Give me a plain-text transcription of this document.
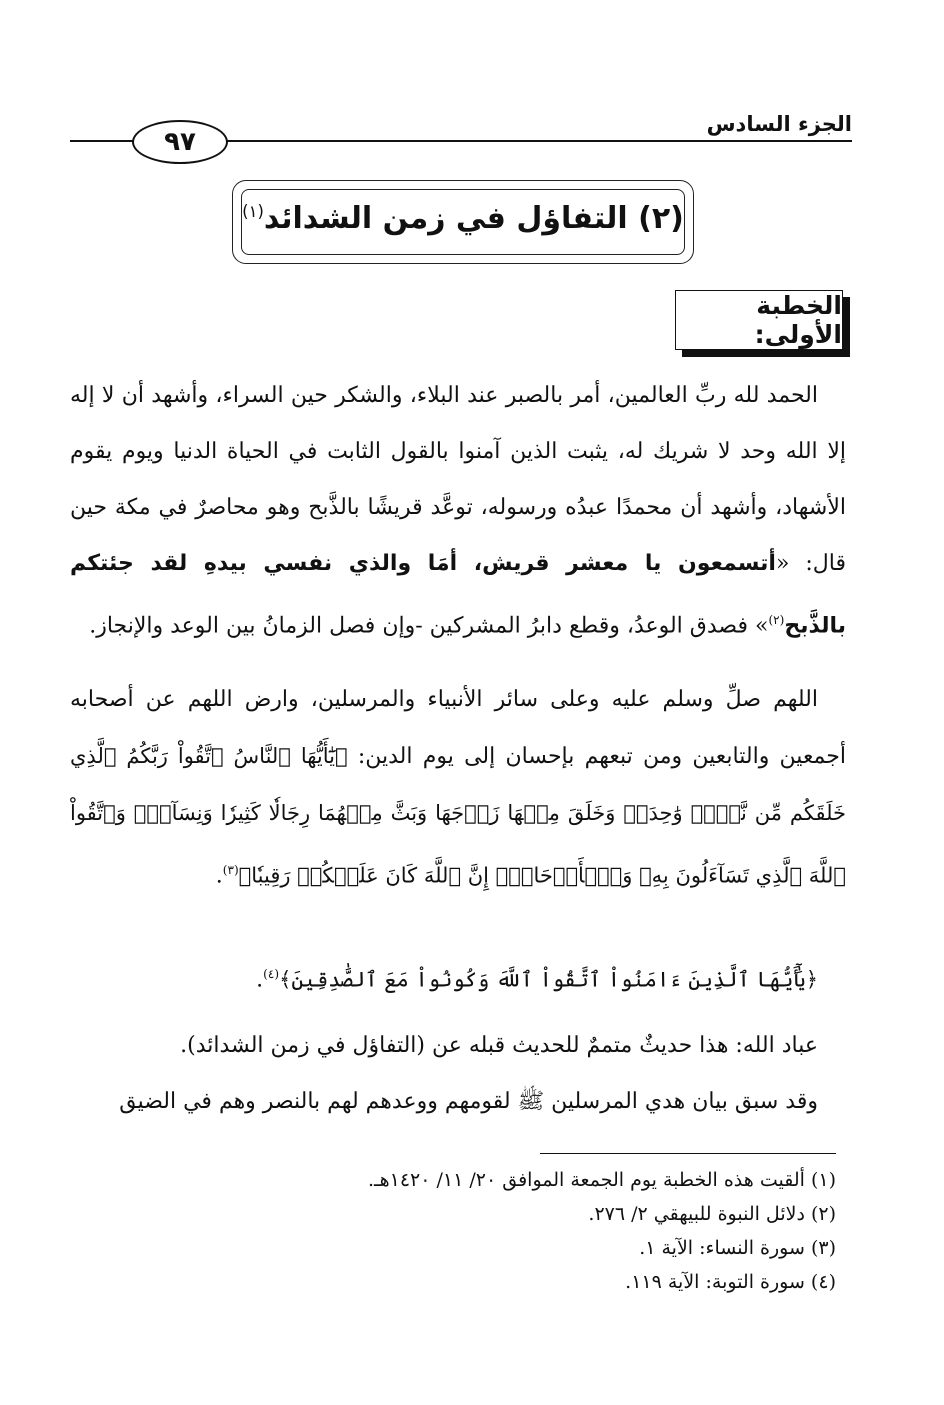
الجزء السادس
٩٧
(٢) التفاؤل في زمن الشدائد$^{(١)}$
الخطبة الأولى:

الحمد لله ربِّ العالمين، أمر بالصبر عند البلاء، والشكر حين السراء، وأشهد أن لا إله إلا الله وحد لا شريك له، يثبت الذين آمنوا بالقول الثابت في الحياة الدنيا ويوم يقوم الأشهاد، وأشهد أن محمدًا عبدُه ورسوله، توعَّد قريشًا بالذَّبح وهو محاصرٌ في مكة حين قال: «أتسمعون يا معشر قريش، أمَا والذي نفسي بيدهِ لقد جئتكم بالذَّبح$^{(٢)}$» فصدق الوعدُ، وقطع دابرُ المشركين -وإن فصل الزمانُ بين الوعد والإنجاز.

اللهم صلِّ وسلم عليه وعلى سائر الأنبياء والمرسلين، وارض اللهم عن أصحابه أجمعين والتابعين ومن تبعهم بإحسان إلى يوم الدين: ﴿يَٰٓأَيُّهَا ٱلنَّاسُ ٱتَّقُواْ رَبَّكُمُ ٱلَّذِي خَلَقَكُم مِّن نَّفۡسٖ وَٰحِدَةٖ وَخَلَقَ مِنۡهَا زَوۡجَهَا وَبَثَّ مِنۡهُمَا رِجَالٗا كَثِيرٗا وَنِسَآءٗۚ وَٱتَّقُواْ ٱللَّهَ ٱلَّذِي تَسَآءَلُونَ بِهِۦ وَٱلۡأَرۡحَامَۚ إِنَّ ٱللَّهَ كَانَ عَلَيۡكُمۡ رَقِيبٗا﴾$^{(٣)}$.

﴿يَٰٓأَيُّهَا ٱلَّذِينَ ءَامَنُواْ ٱتَّقُواْ ٱللَّهَ وَكُونُواْ مَعَ ٱلصَّٰدِقِينَ﴾$^{(٤)}$.

عباد الله: هذا حديثٌ متممٌ للحديث قبله عن (التفاؤل في زمن الشدائد).

وقد سبق بيان هدي المرسلين ﷺ لقومهم ووعدهم لهم بالنصر وهم في الضيق

(١) ألقيت هذه الخطبة يوم الجمعة الموافق ٢٠/ ١١/ ١٤٢٠هـ.
(٢) دلائل النبوة للبيهقي ٢/ ٢٧٦.
(٣) سورة النساء: الآية ١.
(٤) سورة التوبة: الآية ١١٩.
